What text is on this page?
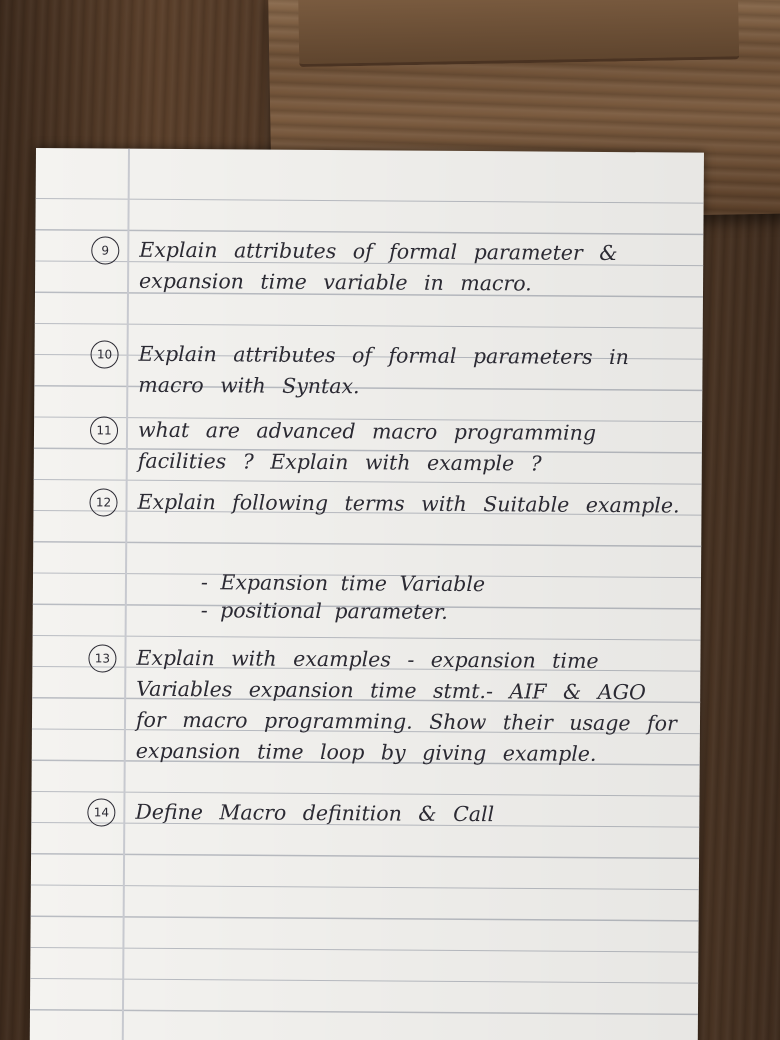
9	Explain attributes of formal parameter & expansion time variable in macro.
10	Explain attributes of formal parameters in macro with Syntax.
11	what are advanced macro programming facilities ? Explain with example ?
12	Explain following terms with Suitable example.
- Expansion time Variable
- positional parameter.
13	Explain with examples - expansion time Variables expansion time stmt.- AIF & AGO for macro programming. Show their usage for expansion time loop by giving example.
14	Define Macro definition & Call
